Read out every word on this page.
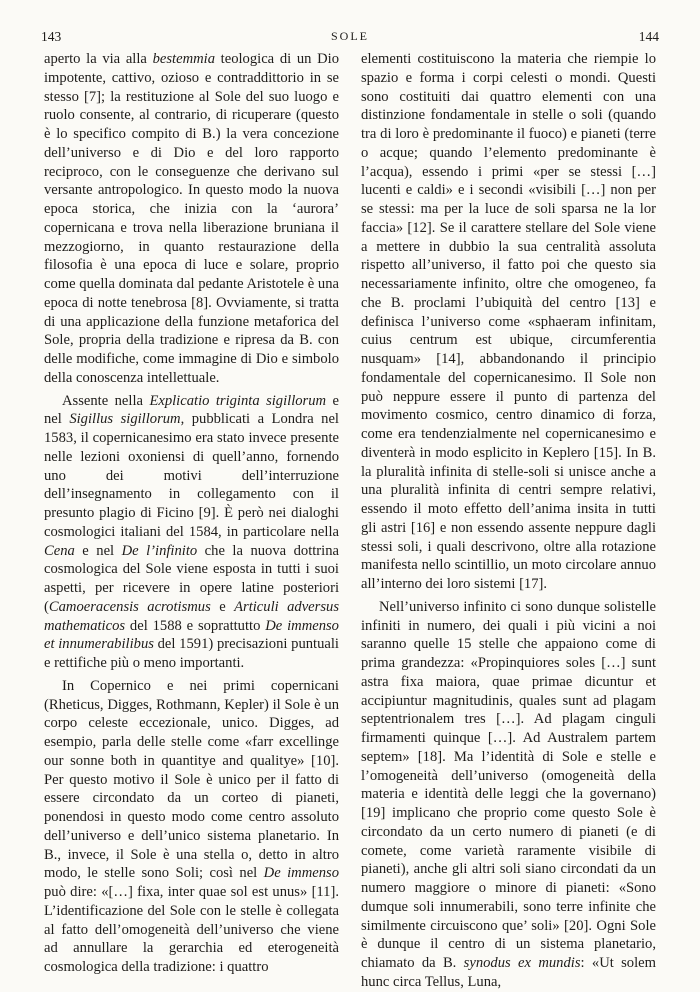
143	SOLE	144

aperto la via alla bestemmia teologica di un Dio impotente, cattivo, ozioso e contraddittorio in se stesso [7]; la restituzione al Sole del suo luogo e ruolo consente, al contrario, di ricuperare (questo è lo specifico compito di B.) la vera concezione dell’universo e di Dio e del loro rapporto reciproco, con le conseguenze che derivano sul versante antropologico. In questo modo la nuova epoca storica, che inizia con la ‘aurora’ copernicana e trova nella liberazione bruniana il mezzogiorno, in quanto restaurazione della filosofia è una epoca di luce e solare, proprio come quella dominata dal pedante Aristotele è una epoca di notte tenebrosa [8]. Ovviamente, si tratta di una applicazione della funzione metaforica del Sole, propria della tradizione e ripresa da B. con delle modifiche, come immagine di Dio e simbolo della conoscenza intellettuale.

Assente nella Explicatio triginta sigillorum e nel Sigillus sigillorum, pubblicati a Londra nel 1583, il copernicanesimo era stato invece presente nelle lezioni oxoniensi di quell’anno, fornendo uno dei motivi dell’interruzione dell’insegnamento in collegamento con il presunto plagio di Ficino [9]. È però nei dialoghi cosmologici italiani del 1584, in particolare nella Cena e nel De l’infinito che la nuova dottrina cosmologica del Sole viene esposta in tutti i suoi aspetti, per ricevere in opere latine posteriori (Camoeracensis acrotismus e Articuli adversus mathematicos del 1588 e soprattutto De immenso et innumerabilibus del 1591) precisazioni puntuali e rettifiche più o meno importanti.

In Copernico e nei primi copernicani (Rheticus, Digges, Rothmann, Kepler) il Sole è un corpo celeste eccezionale, unico. Digges, ad esempio, parla delle stelle come «farr excellinge our sonne both in quantitye and qualitye» [10]. Per questo motivo il Sole è unico per il fatto di essere circondato da un corteo di pianeti, ponendosi in questo modo come centro assoluto dell’universo e dell’unico sistema planetario. In B., invece, il Sole è una stella o, detto in altro modo, le stelle sono Soli; così nel De immenso può dire: «[…] fixa, inter quae sol est unus» [11]. L’identificazione del Sole con le stelle è collegata al fatto dell’omogeneità dell’universo che viene ad annullare la gerarchia ed eterogeneità cosmologica della tradizione: i quattro

elementi costituiscono la materia che riempie lo spazio e forma i corpi celesti o mondi. Questi sono costituiti dai quattro elementi con una distinzione fondamentale in stelle o soli (quando tra di loro è predominante il fuoco) e pianeti (terre o acque; quando l’elemento predominante è l’acqua), essendo i primi «per se stessi […] lucenti e caldi» e i secondi «visibili […] non per se stessi: ma per la luce de soli sparsa ne la lor faccia» [12]. Se il carattere stellare del Sole viene a mettere in dubbio la sua centralità assoluta rispetto all’universo, il fatto poi che questo sia necessariamente infinito, oltre che omogeneo, fa che B. proclami l’ubiquità del centro [13] e definisca l’universo come «sphaeram infinitam, cuius centrum est ubique, circumferentia nusquam» [14], abbandonando il principio fondamentale del copernicanesimo. Il Sole non può neppure essere il punto di partenza del movimento cosmico, centro dinamico di forza, come era tendenzialmente nel copernicanesimo e diventerà in modo esplicito in Keplero [15]. In B. la pluralità infinita di stelle-soli si unisce anche a una pluralità infinita di centri sempre relativi, essendo il moto effetto dell’anima insita in tutti gli astri [16] e non essendo assente neppure dagli stessi soli, i quali descrivono, oltre alla rotazione manifesta nello scintillio, un moto circolare annuo all’interno dei loro sistemi [17].

Nell’universo infinito ci sono dunque solistelle infiniti in numero, dei quali i più vicini a noi saranno quelle 15 stelle che appaiono come di prima grandezza: «Propinquiores soles […] sunt astra fixa maiora, quae primae dicuntur et accipiuntur magnitudinis, quales sunt ad plagam septentrionalem tres […]. Ad plagam cinguli firmamenti quinque […]. Ad Australem partem septem» [18]. Ma l’identità di Sole e stelle e l’omogeneità dell’universo (omogeneità della materia e identità delle leggi che la governano) [19] implicano che proprio come questo Sole è circondato da un certo numero di pianeti (e di comete, come varietà raramente visibile di pianeti), anche gli altri soli siano circondati da un numero maggiore o minore di pianeti: «Sono dumque soli innumerabili, sono terre infinite che similmente circuiscono que’ soli» [20]. Ogni Sole è dunque il centro di un sistema planetario, chiamato da B. synodus ex mundis: «Ut solem hunc circa Tellus, Luna,
